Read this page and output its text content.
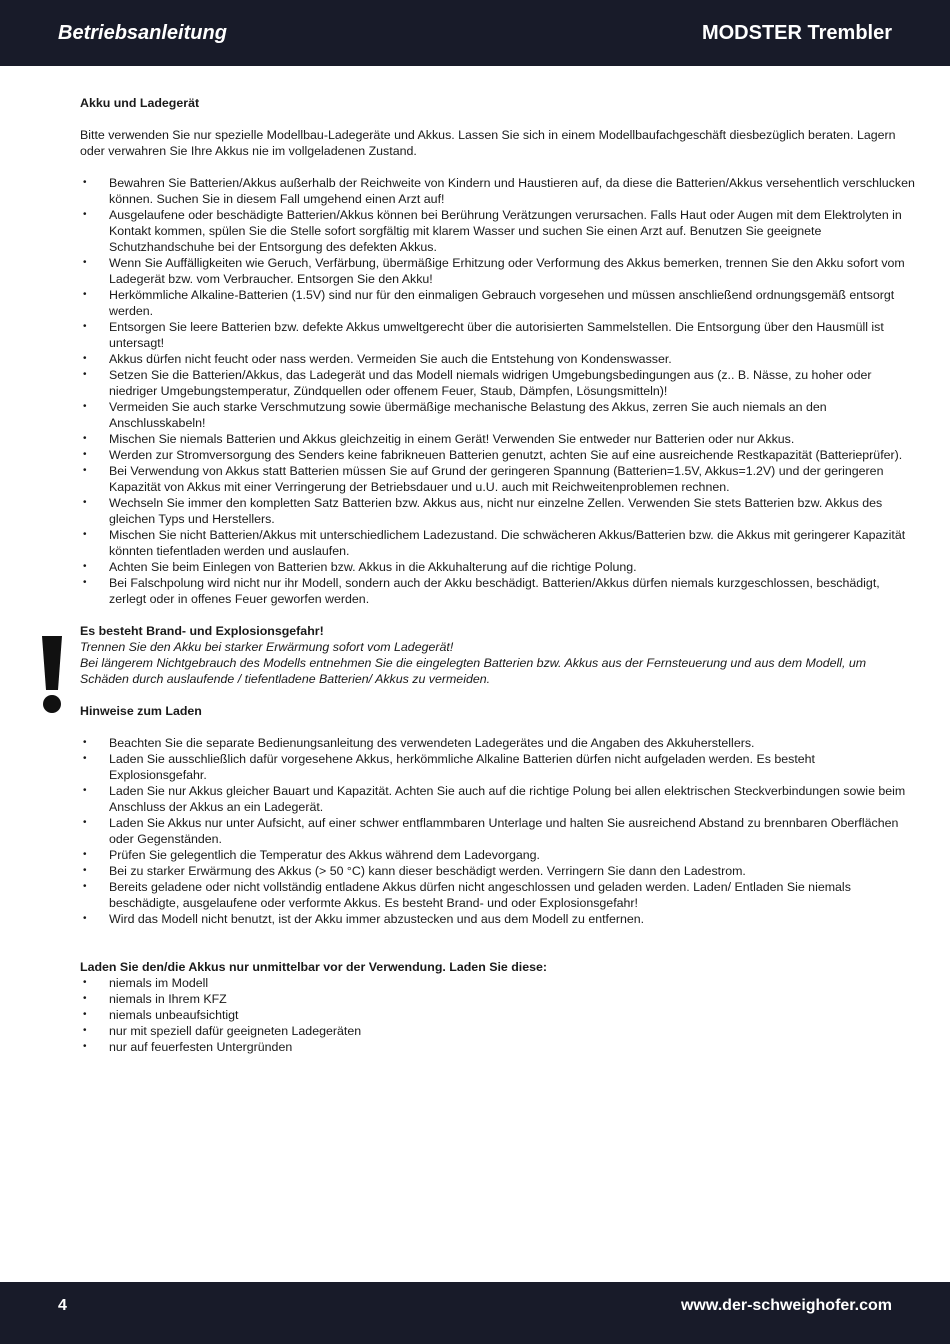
Betriebsanleitung	MODSTER Trembler

Akku und Ladegerät

Bitte verwenden Sie nur spezielle Modellbau-Ladegeräte und Akkus. Lassen Sie sich in einem Modellbaufachgeschäft diesbezüglich beraten. Lagern oder verwahren Sie Ihre Akkus nie im vollgeladenen Zustand.

• Bewahren Sie Batterien/Akkus außerhalb der Reichweite von Kindern und Haustieren auf, da diese die Batterien/Akkus versehentlich verschlucken können. Suchen Sie in diesem Fall umgehend einen Arzt auf!
• Ausgelaufene oder beschädigte Batterien/Akkus können bei Berührung Verätzungen verursachen. Falls Haut oder Augen mit dem Elektrolyten in Kontakt kommen, spülen Sie die Stelle sofort sorgfältig mit klarem Wasser und suchen Sie einen Arzt auf. Benutzen Sie geeignete Schutzhandschuhe bei der Entsorgung des defekten Akkus.
• Wenn Sie Auffälligkeiten wie Geruch, Verfärbung, übermäßige Erhitzung oder Verformung des Akkus bemerken, trennen Sie den Akku sofort vom Ladegerät bzw. vom Verbraucher. Entsorgen Sie den Akku!
• Herkömmliche Alkaline-Batterien (1.5V) sind nur für den einmaligen Gebrauch vorgesehen und müssen anschließend ordnungsgemäß entsorgt werden.
• Entsorgen Sie leere Batterien bzw. defekte Akkus umweltgerecht über die autorisierten Sammelstellen. Die Entsorgung über den Hausmüll ist untersagt!
• Akkus dürfen nicht feucht oder nass werden. Vermeiden Sie auch die Entstehung von Kondenswasser.
• Setzen Sie die Batterien/Akkus, das Ladegerät und das Modell niemals widrigen Umgebungsbedingungen aus (z.. B. Nässe, zu hoher oder niedriger Umgebungstemperatur, Zündquellen oder offenem Feuer, Staub, Dämpfen, Lösungsmitteln)!
• Vermeiden Sie auch starke Verschmutzung sowie übermäßige mechanische Belastung des Akkus, zerren Sie auch niemals an den Anschlusskabeln!
• Mischen Sie niemals Batterien und Akkus gleichzeitig in einem Gerät! Verwenden Sie entweder nur Batterien oder nur Akkus.
• Werden zur Stromversorgung des Senders keine fabrikneuen Batterien genutzt, achten Sie auf eine ausreichende Restkapazität (Batterieprüfer).
• Bei Verwendung von Akkus statt Batterien müssen Sie auf Grund der geringeren Spannung (Batterien=1.5V, Akkus=1.2V) und der geringeren Kapazität von Akkus mit einer Verringerung der Betriebsdauer und u.U. auch mit Reichweitenproblemen rechnen.
• Wechseln Sie immer den kompletten Satz Batterien bzw. Akkus aus, nicht nur einzelne Zellen. Verwenden Sie stets Batterien bzw. Akkus des gleichen Typs und Herstellers.
• Mischen Sie nicht Batterien/Akkus mit unterschiedlichem Ladezustand. Die schwächeren Akkus/Batterien bzw. die Akkus mit geringerer Kapazität könnten tiefentladen werden und auslaufen.
• Achten Sie beim Einlegen von Batterien bzw. Akkus in die Akkuhalterung auf die richtige Polung.
• Bei Falschpolung wird nicht nur ihr Modell, sondern auch der Akku beschädigt. Batterien/Akkus dürfen niemals kurzgeschlossen, beschädigt, zerlegt oder in offenes Feuer geworfen werden.

Es besteht Brand- und Explosionsgefahr!

Trennen Sie den Akku bei starker Erwärmung sofort vom Ladegerät!

Bei längerem Nichtgebrauch des Modells entnehmen Sie die eingelegten Batterien bzw. Akkus aus der Fernsteuerung und aus dem Modell, um Schäden durch auslaufende / tiefentladene Batterien/ Akkus zu vermeiden.

Hinweise zum Laden

• Beachten Sie die separate Bedienungsanleitung des verwendeten Ladegerätes und die Angaben des Akkuherstellers.
• Laden Sie ausschließlich dafür vorgesehene Akkus, herkömmliche Alkaline Batterien dürfen nicht aufgeladen werden. Es besteht Explosionsgefahr.
• Laden Sie nur Akkus gleicher Bauart und Kapazität. Achten Sie auch auf die richtige Polung bei allen elektrischen Steckverbindungen sowie beim Anschluss der Akkus an ein Ladegerät.
• Laden Sie Akkus nur unter Aufsicht, auf einer schwer entflammbaren Unterlage und halten Sie ausreichend Abstand zu brennbaren Oberflächen oder Gegenständen.
• Prüfen Sie gelegentlich die Temperatur des Akkus während dem Ladevorgang.
• Bei zu starker Erwärmung des Akkus (> 50 °C) kann dieser beschädigt werden. Verringern Sie dann den Ladestrom.
• Bereits geladene oder nicht vollständig entladene Akkus dürfen nicht angeschlossen und geladen werden. Laden/ Entladen Sie niemals beschädigte, ausgelaufene oder verformte Akkus. Es besteht Brand- und oder Explosionsgefahr!
• Wird das Modell nicht benutzt, ist der Akku immer abzustecken und aus dem Modell zu entfernen.

Laden Sie den/die Akkus nur unmittelbar vor der Verwendung. Laden Sie diese:

• niemals im Modell
• niemals in Ihrem KFZ
• niemals unbeaufsichtigt
• nur mit speziell dafür geeigneten Ladegeräten
• nur auf feuerfesten Untergründen
4	www.der-schweighofer.com
